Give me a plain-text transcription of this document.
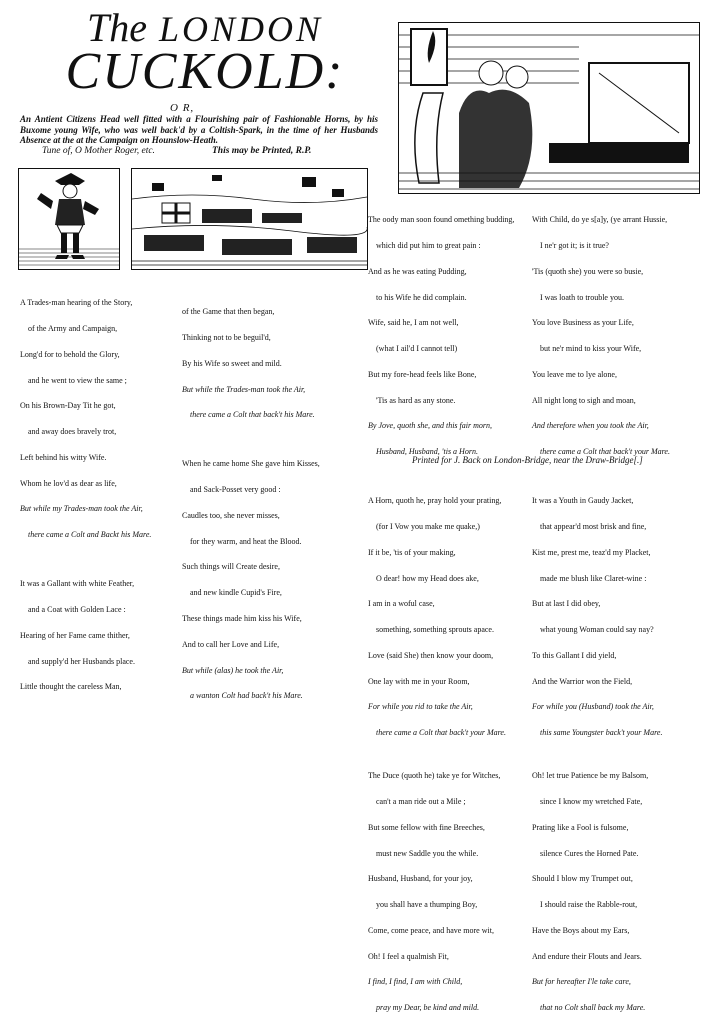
The LONDON
CUCKOLD:
O R,
An Antient Citizens Head well fitted with a Flourishing pair of Fashionable Horns, by his Buxome young Wife, who was well back'd by a Coltish-Spark, in the time of her Husbands Absence at the at the Campaign on Hounslow-Heath.
Tune of, O Mother Roger, etc.	This may be Printed, R.P.

A Trades-man hearing of the Story,

of the Army and Campaign,

Long'd for to behold the Glory,

and he went to view the same ;

On his Brown-Day Tit he got,

and away does bravely trot,

Left behind his witty Wife.

Whom he lov'd as dear as life,

But while my Trades-man took the Air,

there came a Colt and Backt his Mare.

It was a Gallant with white Feather,

and a Coat with Golden Lace :

Hearing of her Fame came thither,

and supply'd her Husbands place.

Little thought the careless Man,

of the Game that then began,

Thinking not to be beguil'd,

By his Wife so sweet and mild.

But while the Trades-man took the Air,

there came a Colt that back't his Mare.

When he came home She gave him Kisses,

and Sack-Posset very good :

Caudles too, she never misses,

for they warm, and heat the Blood.

Such things will Create desire,

and new kindle Cupid's Fire,

These things made him kiss his Wife,

And to call her Love and Life,

But while (alas) he took the Air,

a wanton Colt had back't his Mare.

The oody man soon found omething budding,

which did put him to great pain :

And as he was eating Pudding,

to his Wife he did complain.

Wife, said he, I am not well,

(what I ail'd I cannot tell)

But my fore-head feels like Bone,

'Tis as hard as any stone.

By Jove, quoth she, and this fair morn,

Husband, Husband, 'tis a Horn.

A Horn, quoth he, pray hold your prating,

(for I Vow you make me quake,)

If it be, 'tis of your making,

O dear! how my Head does ake,

I am in a woful case,

something, something sprouts apace.

Love (said She) then know your doom,

One lay with me in your Room,

For while you rid to take the Air,

there came a Colt that back't your Mare.

The Duce (quoth he) take ye for Witches,

can't a man ride out a Mile ;

But some fellow with fine Breeches,

must new Saddle you the while.

Husband, Husband, for your joy,

you shall have a thumping Boy,

Come, come peace, and have more wit,

Oh! I feel a qualmish Fit,

I find, I find, I am with Child,

pray my Dear, be kind and mild.

With Child, do ye s[a]y, (ye arrant Hussie,

I ne'r got it; is it true?

'Tis (quoth she) you were so busie,

I was loath to trouble you.

You love Business as your Life,

but ne'r mind to kiss your Wife,

You leave me to lye alone,

All night long to sigh and moan,

And therefore when you took the Air,

there came a Colt that back't your Mare.

It was a Youth in Gaudy Jacket,

that appear'd most brisk and fine,

Kist me, prest me, teaz'd my Placket,

made me blush like Claret-wine :

But at last I did obey,

what young Woman could say nay?

To this Gallant I did yield,

And the Warrior won the Field,

For while you (Husband) took the Air,

this same Youngster back't your Mare.

Oh! let true Patience be my Balsom,

since I know my wretched Fate,

Prating like a Fool is fulsome,

silence Cures the Horned Pate.

Should I blow my Trumpet out,

I should raise the Rabble-rout,

Have the Boys about my Ears,

And endure their Flouts and Jears.

But for hereafter I'le take care,

that no Colt shall back my Mare.

Printed for J. Back on London-Bridge, near the Draw-Bridge[.]
